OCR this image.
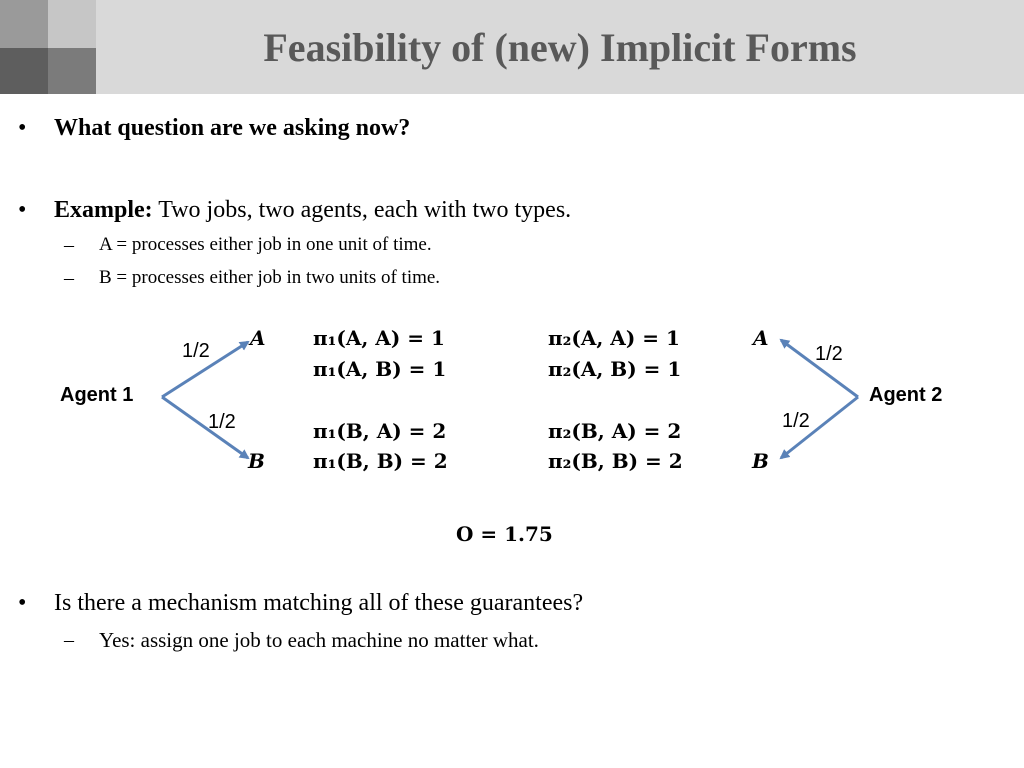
Feasibility of (new) Implicit Forms
• What question are we asking now?
• Example: Two jobs, two agents, each with two types.
– A = processes either job in one unit of time.
– B = processes either job in two units of time.
Agent 1	Agent 2
1/2
1/2
1/2
1/2
A
B
A
B
π₁(A, A) = 1
π₁(A, B) = 1
π₁(B, A) = 2
π₁(B, B) = 2
π₂(A, A) = 1
π₂(A, B) = 1
π₂(B, A) = 2
π₂(B, B) = 2
O = 1.75
• Is there a mechanism matching all of these guarantees?
– Yes: assign one job to each machine no matter what.
